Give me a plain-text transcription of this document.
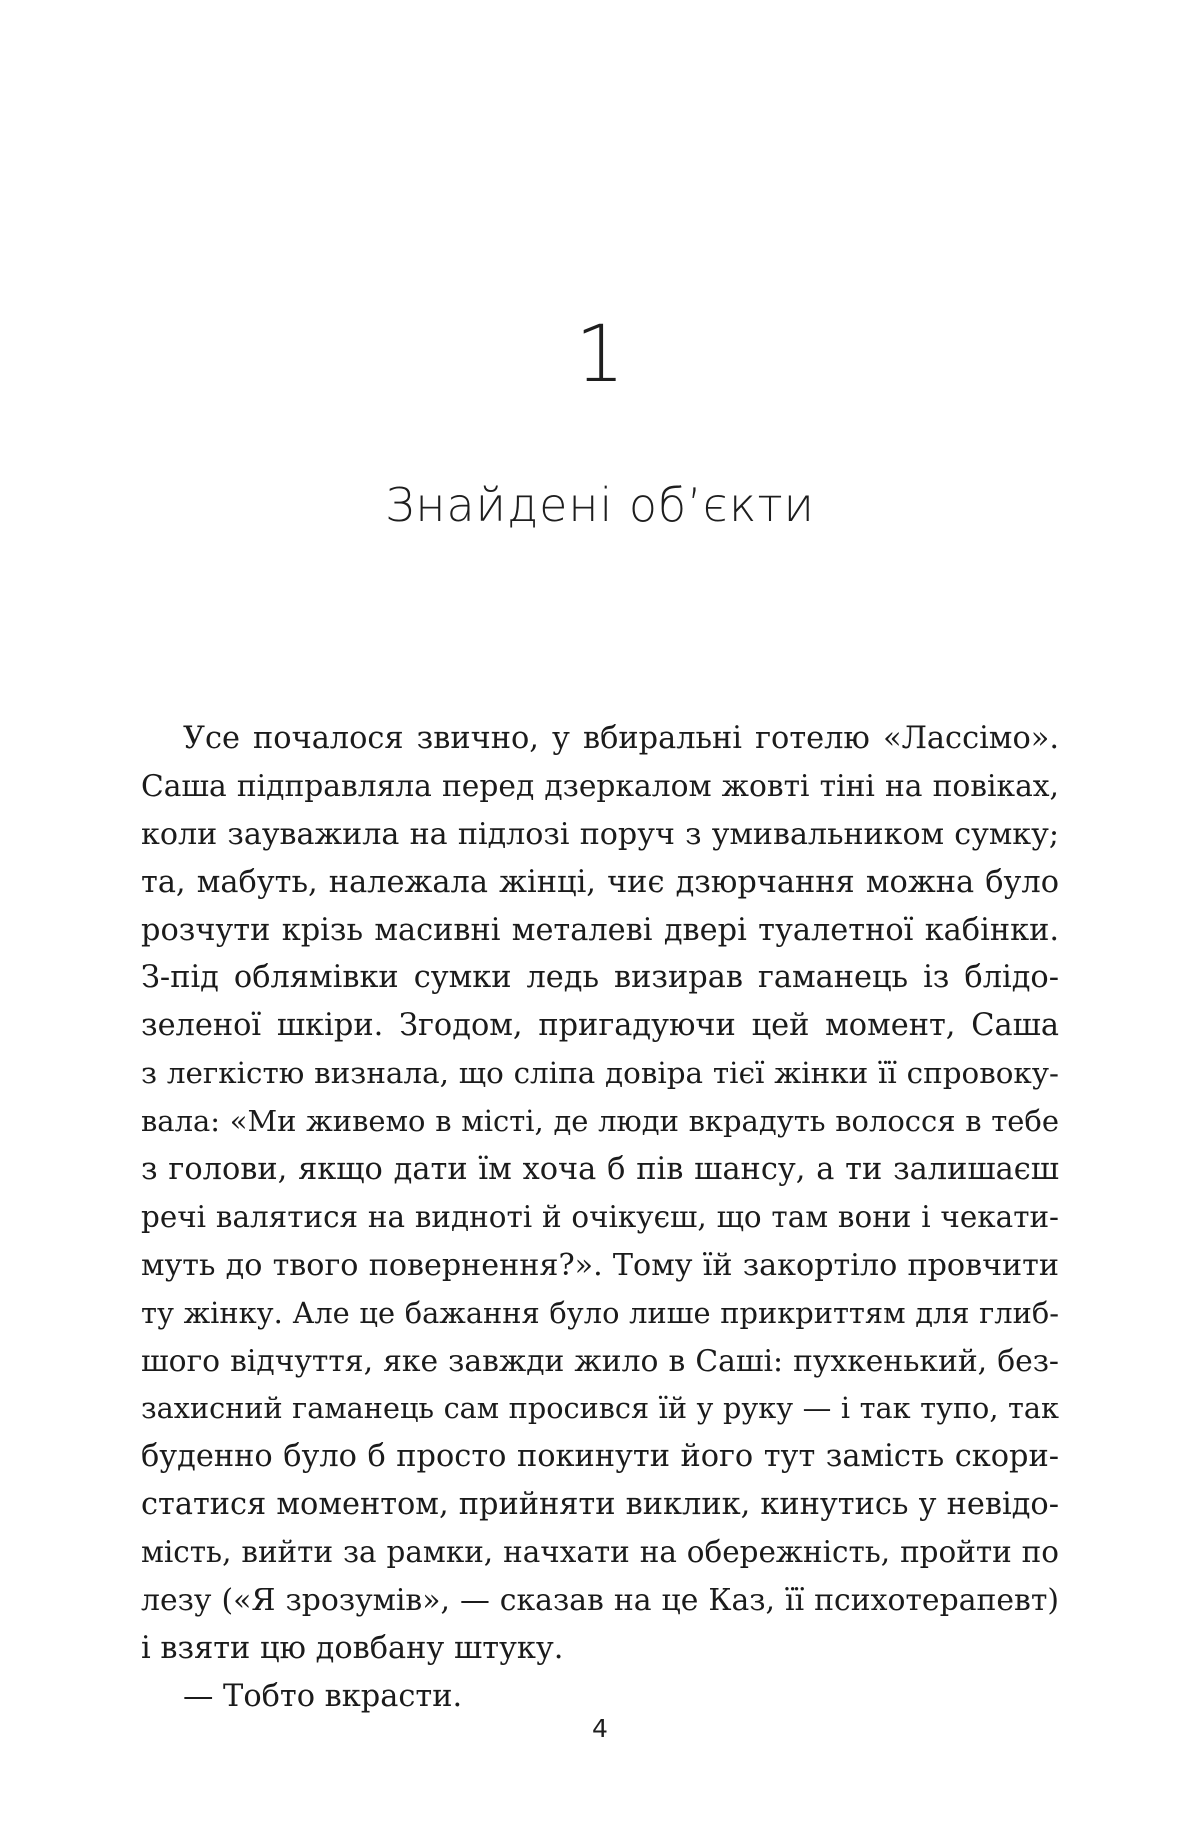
1
Знайдені об’єкти
Усе почалося звично, у вбиральні готелю «Лассімо».
Саша підправляла перед дзеркалом жовті тіні на повіках,
коли зауважила на підлозі поруч з умивальником сумку;
та, мабуть, належала жінці, чиє дзюрчання можна було
розчути крізь масивні металеві двері туалетної кабінки.
З-під облямівки сумки ледь визирав гаманець із блідо-
зеленої шкіри. Згодом, пригадуючи цей момент, Саша
з легкістю визнала, що сліпа довіра тієї жінки її спровоку-
вала: «Ми живемо в місті, де люди вкрадуть волосся в тебе
з голови, якщо дати їм хоча б пів шансу, а ти залишаєш
речі валятися на видноті й очікуєш, що там вони і чекати-
муть до твого повернення?». Тому їй закортіло провчити
ту жінку. Але це бажання було лише прикриттям для глиб-
шого відчуття, яке завжди жило в Саші: пухкенький, без-
захисний гаманець сам просився їй у руку — і так тупо, так
буденно було б просто покинути його тут замість скори-
статися моментом, прийняти виклик, кинутись у невідо-
мість, вийти за рамки, начхати на обережність, пройти по
лезу («Я зрозумів», — сказав на це Каз, її психотерапевт)
і взяти цю довбану штуку.
— Тобто вкрасти.
4
